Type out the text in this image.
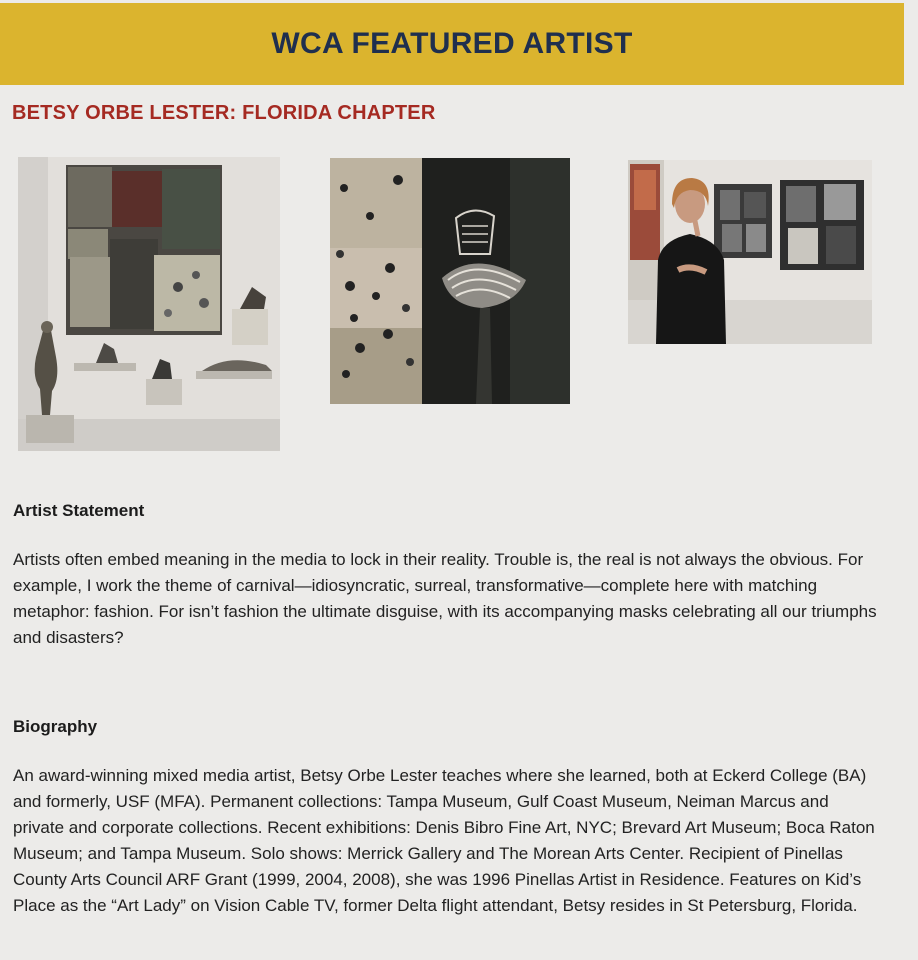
WCA FEATURED ARTIST
BETSY ORBE LESTER: FLORIDA CHAPTER
Artist Statement
Artists often embed meaning in the media to lock in their reality. Trouble is, the real is not always the obvious. For example, I work the theme of carnival—idiosyncratic, surreal, transformative—complete here with matching metaphor: fashion. For isn’t fashion the ultimate disguise, with its accompanying masks celebrating all our triumphs and disasters?
Biography
An award-winning mixed media artist, Betsy Orbe Lester teaches where she learned, both at Eckerd College (BA) and formerly, USF (MFA). Permanent collections: Tampa Museum, Gulf Coast Museum, Neiman Marcus and private and corporate collections. Recent exhibitions: Denis Bibro Fine Art, NYC; Brevard Art Museum; Boca Raton Museum; and Tampa Museum. Solo shows: Merrick Gallery and The Morean Arts Center. Recipient of Pinellas County Arts Council ARF Grant (1999, 2004, 2008), she was 1996 Pinellas Artist in Residence. Features on Kid’s Place as the “Art Lady” on Vision Cable TV, former Delta flight attendant, Betsy resides in St Petersburg, Florida.
